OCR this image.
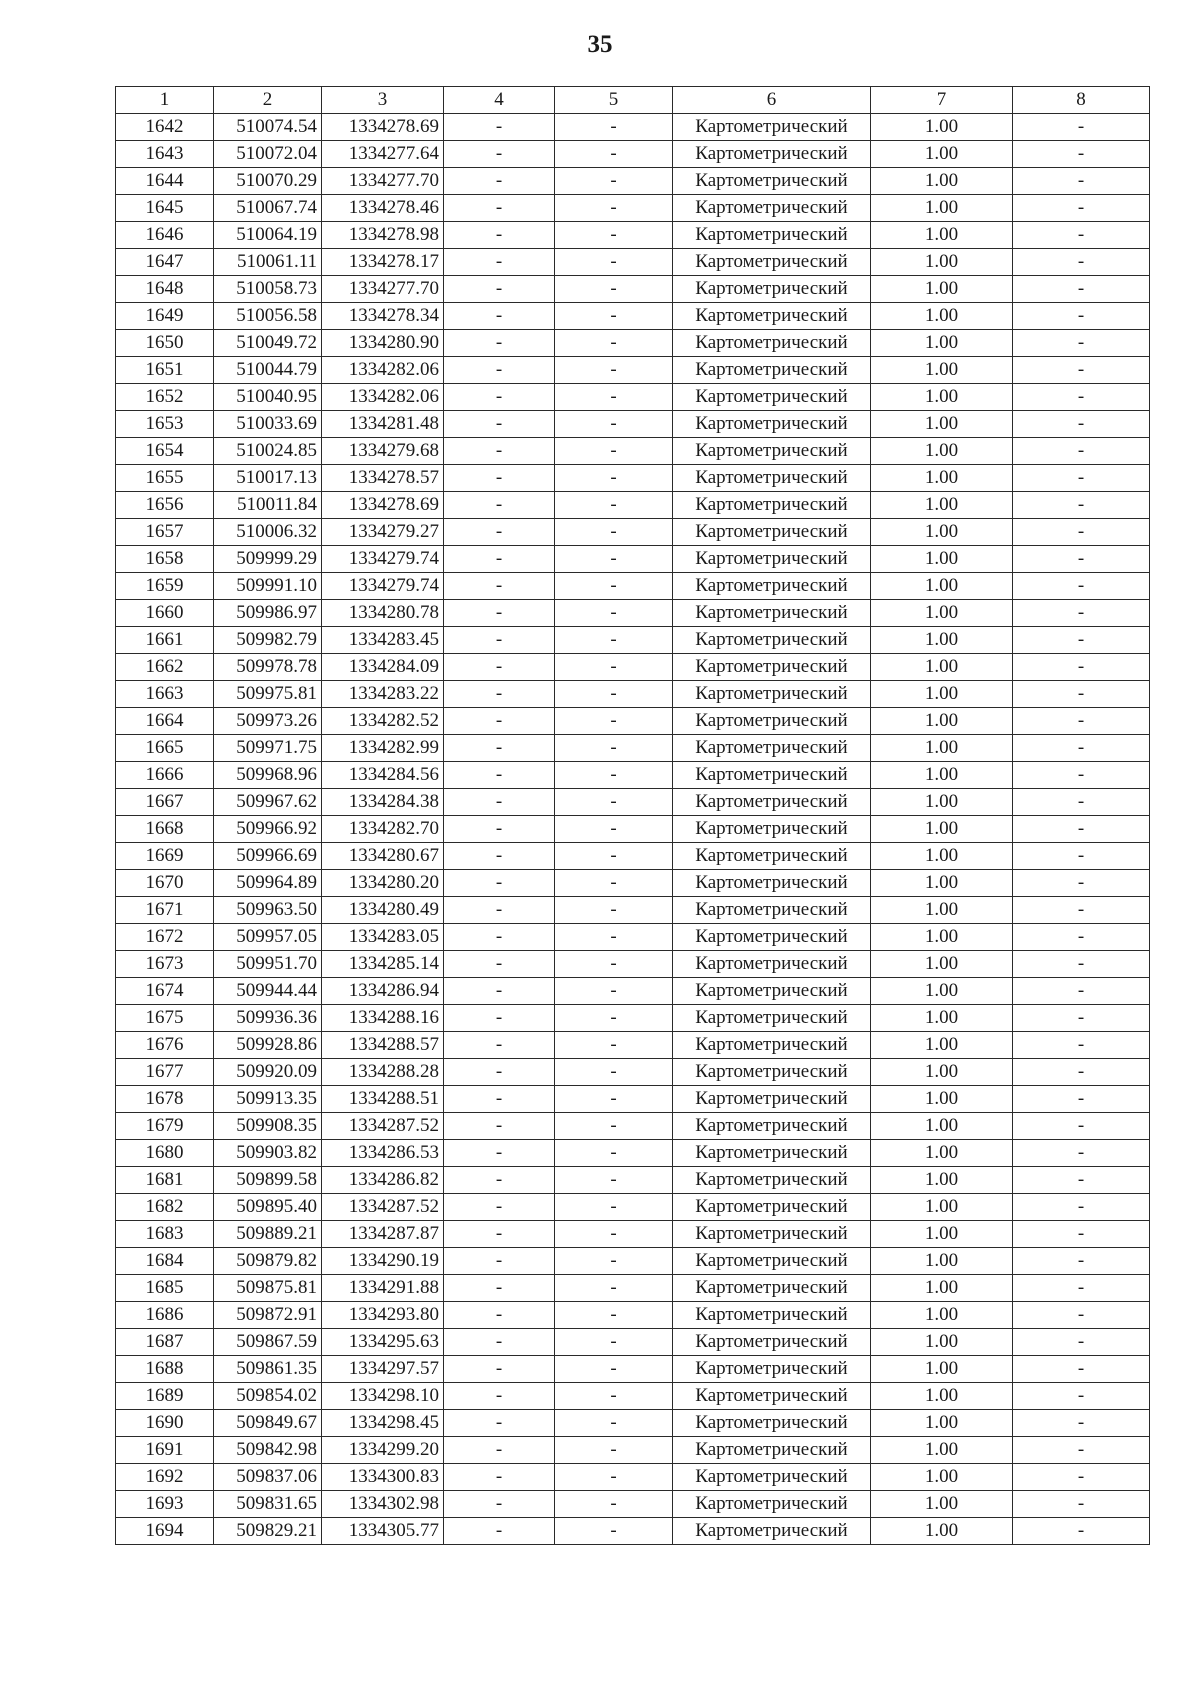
35
1	2	3	4	5	6	7	8
1642	510074.54	1334278.69	-	-	Картометрический	1.00	-
1643	510072.04	1334277.64	-	-	Картометрический	1.00	-
1644	510070.29	1334277.70	-	-	Картометрический	1.00	-
1645	510067.74	1334278.46	-	-	Картометрический	1.00	-
1646	510064.19	1334278.98	-	-	Картометрический	1.00	-
1647	510061.11	1334278.17	-	-	Картометрический	1.00	-
1648	510058.73	1334277.70	-	-	Картометрический	1.00	-
1649	510056.58	1334278.34	-	-	Картометрический	1.00	-
1650	510049.72	1334280.90	-	-	Картометрический	1.00	-
1651	510044.79	1334282.06	-	-	Картометрический	1.00	-
1652	510040.95	1334282.06	-	-	Картометрический	1.00	-
1653	510033.69	1334281.48	-	-	Картометрический	1.00	-
1654	510024.85	1334279.68	-	-	Картометрический	1.00	-
1655	510017.13	1334278.57	-	-	Картометрический	1.00	-
1656	510011.84	1334278.69	-	-	Картометрический	1.00	-
1657	510006.32	1334279.27	-	-	Картометрический	1.00	-
1658	509999.29	1334279.74	-	-	Картометрический	1.00	-
1659	509991.10	1334279.74	-	-	Картометрический	1.00	-
1660	509986.97	1334280.78	-	-	Картометрический	1.00	-
1661	509982.79	1334283.45	-	-	Картометрический	1.00	-
1662	509978.78	1334284.09	-	-	Картометрический	1.00	-
1663	509975.81	1334283.22	-	-	Картометрический	1.00	-
1664	509973.26	1334282.52	-	-	Картометрический	1.00	-
1665	509971.75	1334282.99	-	-	Картометрический	1.00	-
1666	509968.96	1334284.56	-	-	Картометрический	1.00	-
1667	509967.62	1334284.38	-	-	Картометрический	1.00	-
1668	509966.92	1334282.70	-	-	Картометрический	1.00	-
1669	509966.69	1334280.67	-	-	Картометрический	1.00	-
1670	509964.89	1334280.20	-	-	Картометрический	1.00	-
1671	509963.50	1334280.49	-	-	Картометрический	1.00	-
1672	509957.05	1334283.05	-	-	Картометрический	1.00	-
1673	509951.70	1334285.14	-	-	Картометрический	1.00	-
1674	509944.44	1334286.94	-	-	Картометрический	1.00	-
1675	509936.36	1334288.16	-	-	Картометрический	1.00	-
1676	509928.86	1334288.57	-	-	Картометрический	1.00	-
1677	509920.09	1334288.28	-	-	Картометрический	1.00	-
1678	509913.35	1334288.51	-	-	Картометрический	1.00	-
1679	509908.35	1334287.52	-	-	Картометрический	1.00	-
1680	509903.82	1334286.53	-	-	Картометрический	1.00	-
1681	509899.58	1334286.82	-	-	Картометрический	1.00	-
1682	509895.40	1334287.52	-	-	Картометрический	1.00	-
1683	509889.21	1334287.87	-	-	Картометрический	1.00	-
1684	509879.82	1334290.19	-	-	Картометрический	1.00	-
1685	509875.81	1334291.88	-	-	Картометрический	1.00	-
1686	509872.91	1334293.80	-	-	Картометрический	1.00	-
1687	509867.59	1334295.63	-	-	Картометрический	1.00	-
1688	509861.35	1334297.57	-	-	Картометрический	1.00	-
1689	509854.02	1334298.10	-	-	Картометрический	1.00	-
1690	509849.67	1334298.45	-	-	Картометрический	1.00	-
1691	509842.98	1334299.20	-	-	Картометрический	1.00	-
1692	509837.06	1334300.83	-	-	Картометрический	1.00	-
1693	509831.65	1334302.98	-	-	Картометрический	1.00	-
1694	509829.21	1334305.77	-	-	Картометрический	1.00	-
